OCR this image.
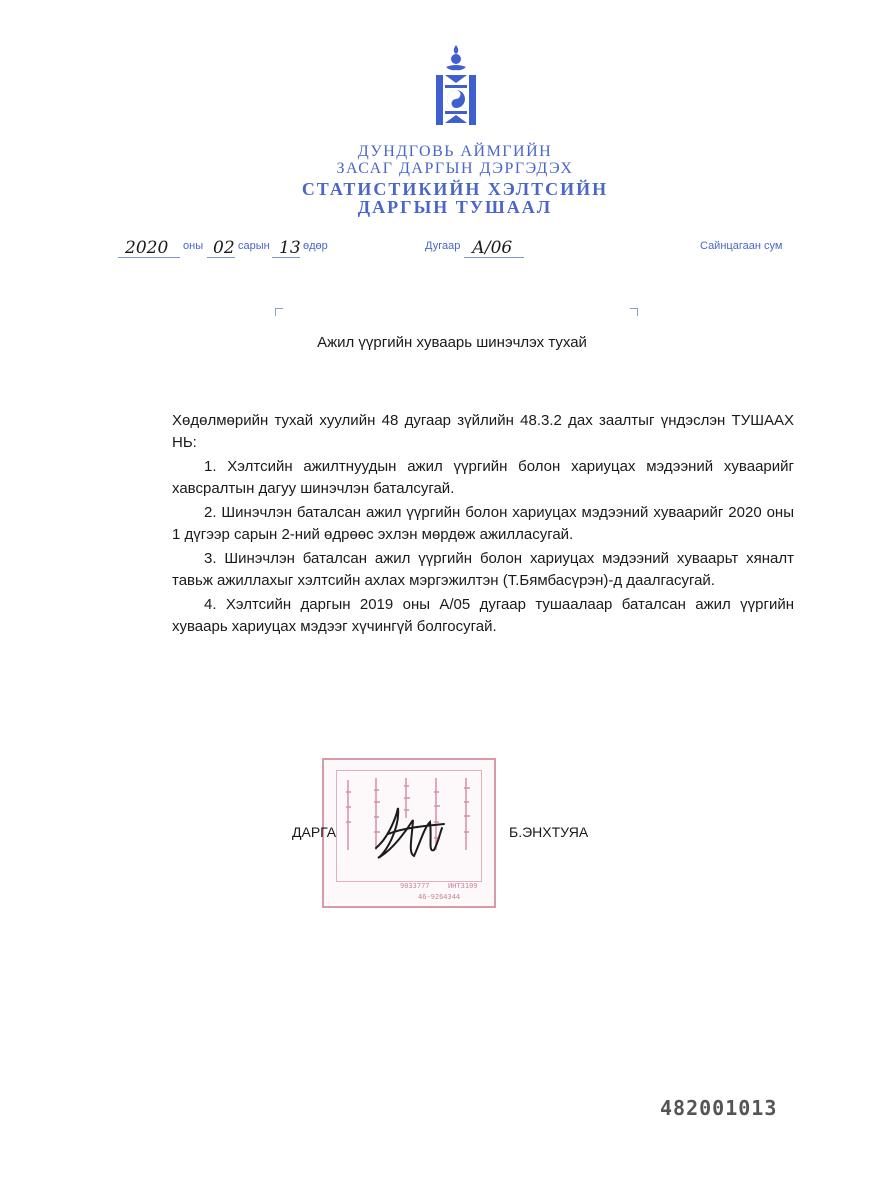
ДУНДГОВЬ АЙМГИЙН
ЗАСАГ ДАРГЫН ДЭРГЭДЭХ
СТАТИСТИКИЙН ХЭЛТСИЙН
ДАРГЫН ТУШААЛ
2020 оны 02 сарын 13 өдөр	Дугаар А/06	Сайнцагаан сум
Ажил үүргийн хуваарь шинэчлэх тухай

Хөдөлмөрийн тухай хуулийн 48 дугаар зүйлийн 48.3.2 дах заалтыг үндэслэн ТУШААХ НЬ:

1. Хэлтсийн ажилтнуудын ажил үүргийн болон хариуцах мэдээний хуваарийг хавсралтын дагуу шинэчлэн баталсугай.

2. Шинэчлэн баталсан ажил үүргийн болон хариуцах мэдээний хуваарийг 2020 оны 1 дүгээр сарын 2-ний өдрөөс эхлэн мөрдөж ажилласугай.

3. Шинэчлэн баталсан ажил үүргийн болон хариуцах мэдээний хуваарьт хяналт тавьж ажиллахыг хэлтсийн ахлах мэргэжилтэн (Т.Бямбасүрэн)-д даалгасугай.

4. Хэлтсийн даргын 2019 оны А/05 дугаар тушаалаар баталсан ажил үүргийн хуваарь хариуцах мэдээг хүчингүй болгосугай.

9033777	ИНТ3109
46-9264344
ДАРГА	Б.ЭНХТУЯА
482001013
